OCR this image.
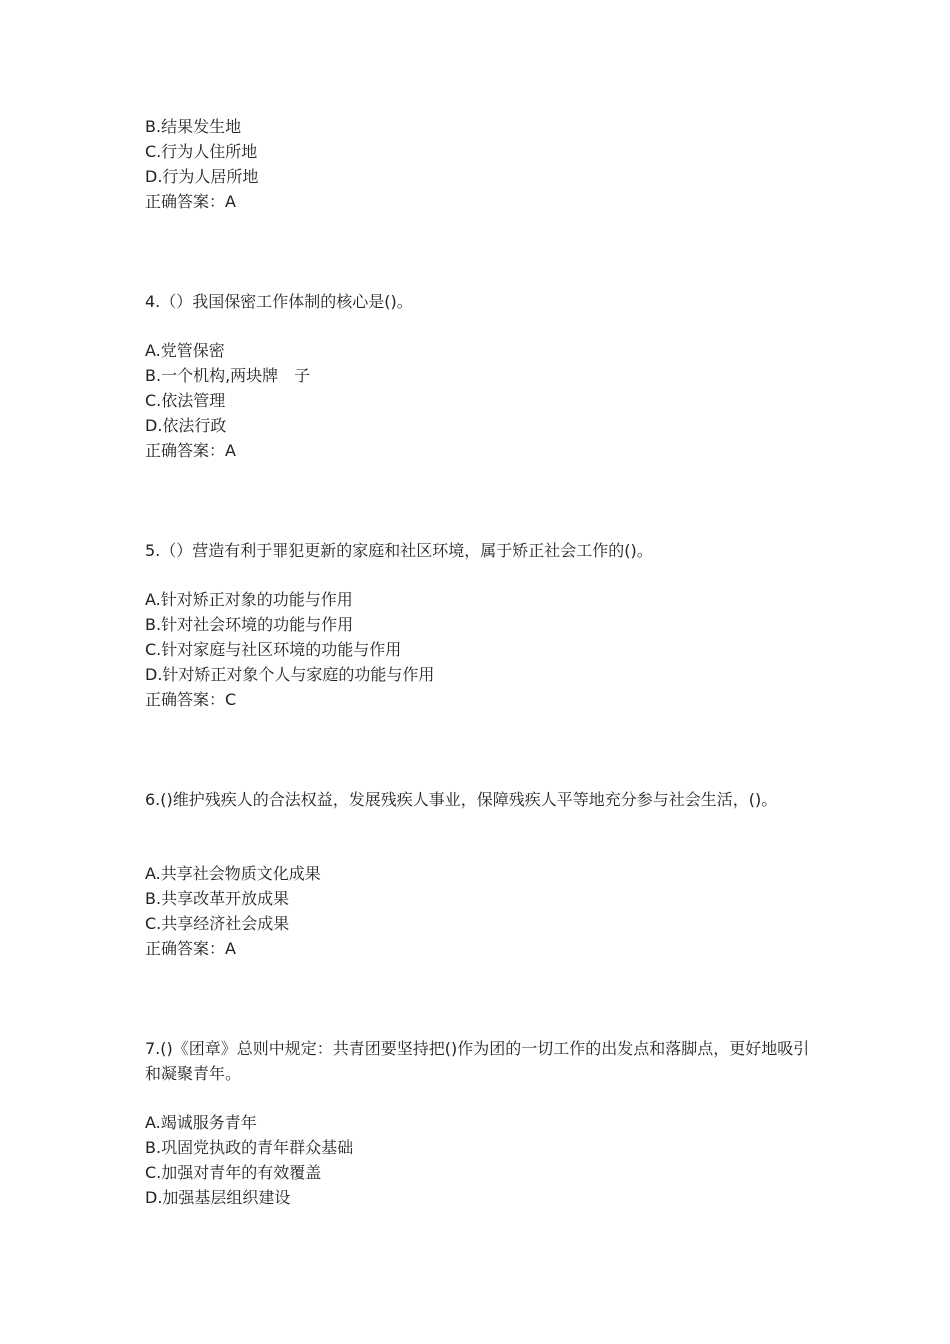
B.结果发生地
C.行为人住所地
D.行为人居所地
正确答案：A
4.（）我国保密工作体制的核心是()。
A.党管保密
B.一个机构,两块牌　子
C.依法管理
D.依法行政
正确答案：A
5.（）营造有利于罪犯更新的家庭和社区环境，属于矫正社会工作的()。
A.针对矫正对象的功能与作用
B.针对社会环境的功能与作用
C.针对家庭与社区环境的功能与作用
D.针对矫正对象个人与家庭的功能与作用
正确答案：C
6.()维护残疾人的合法权益，发展残疾人事业，保障残疾人平等地充分参与社会生活，()。
A.共享社会物质文化成果
B.共享改革开放成果
C.共享经济社会成果
正确答案：A
7.()《团章》总则中规定：共青团要坚持把()作为团的一切工作的出发点和落脚点，更好地吸引和凝聚青年。
A.竭诚服务青年
B.巩固党执政的青年群众基础
C.加强对青年的有效覆盖
D.加强基层组织建设
